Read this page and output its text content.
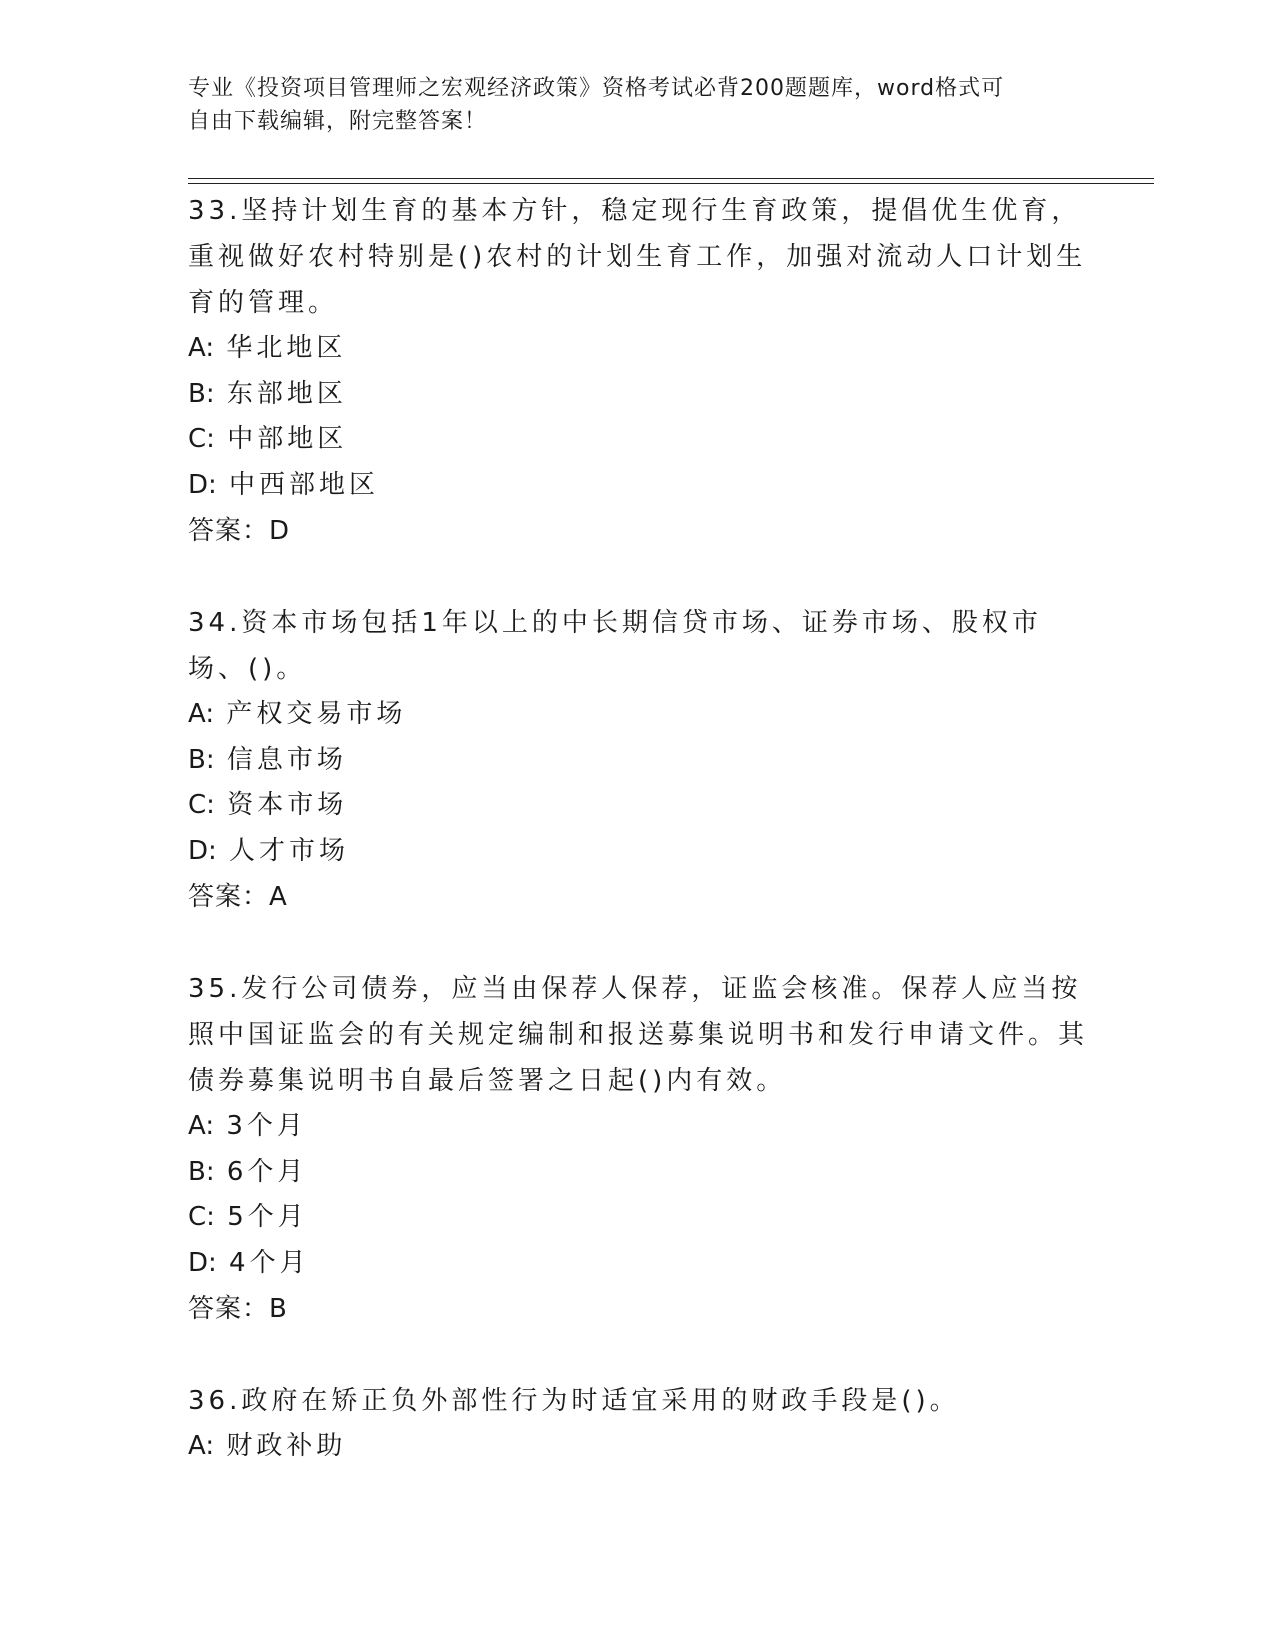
专业《投资项目管理师之宏观经济政策》资格考试必背200题题库，word格式可
自由下载编辑，附完整答案！

33.坚持计划生育的基本方针，稳定现行生育政策，提倡优生优育，重视做好农村特别是()农村的计划生育工作，加强对流动人口计划生育的管理。

A: 华北地区

B: 东部地区

C: 中部地区

D: 中西部地区

答案：D

34.资本市场包括1年以上的中长期信贷市场、证券市场、股权市场、()。

A: 产权交易市场

B: 信息市场

C: 资本市场

D: 人才市场

答案：A

35.发行公司债券，应当由保荐人保荐，证监会核准。保荐人应当按照中国证监会的有关规定编制和报送募集说明书和发行申请文件。其债券募集说明书自最后签署之日起()内有效。

A: 3个月

B: 6个月

C: 5个月

D: 4个月

答案：B

36.政府在矫正负外部性行为时适宜采用的财政手段是()。

A: 财政补助
